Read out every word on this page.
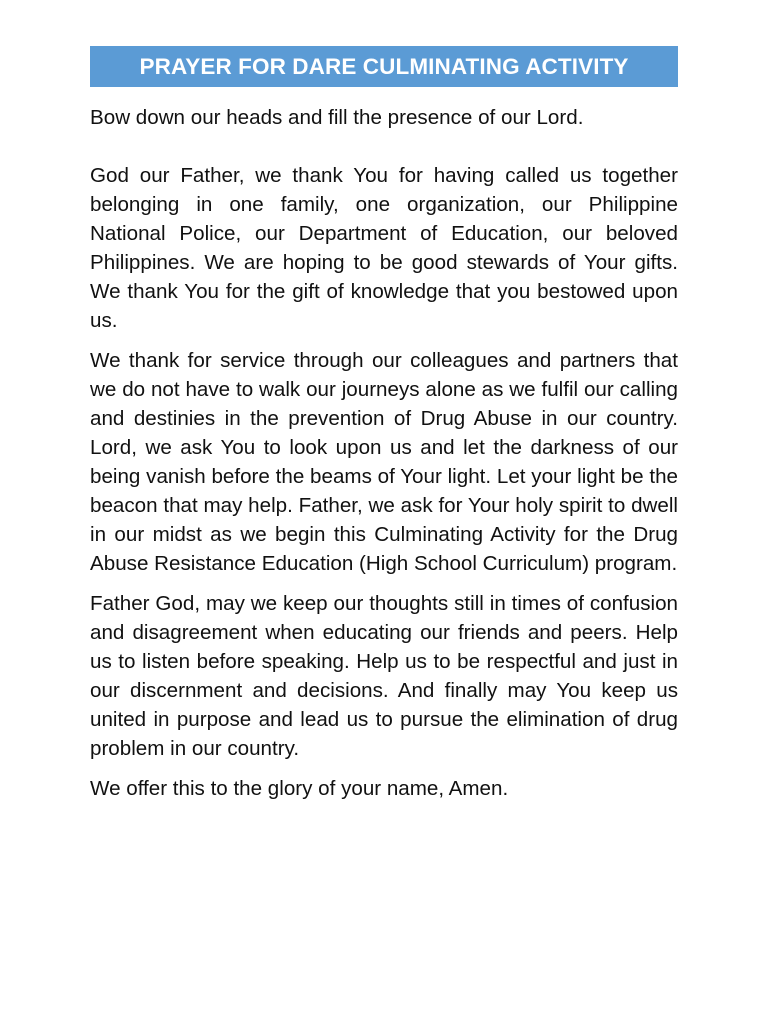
PRAYER FOR DARE CULMINATING ACTIVITY

Bow down our heads and fill the presence of our Lord.

God our Father, we thank You for having called us together belonging in one family, one organization, our Philippine National Police, our Department of Education, our beloved Philippines. We are hoping to be good stewards of Your gifts. We thank You for the gift of knowledge that you bestowed upon us.

We thank for service through our colleagues and partners that we do not have to walk our journeys alone as we fulfil our calling and destinies in the prevention of Drug Abuse in our country. Lord, we ask You to look upon us and let the darkness of our being vanish before the beams of Your light. Let your light be the beacon that may help. Father, we ask for Your holy spirit to dwell in our midst as we begin this Culminating Activity for the Drug Abuse Resistance Education (High School Curriculum) program.

Father God, may we keep our thoughts still in times of confusion and disagreement when educating our friends and peers. Help us to listen before speaking. Help us to be respectful and just in our discernment and decisions. And finally may You keep us united in purpose and lead us to pursue the elimination of drug problem in our country.

We offer this to the glory of your name, Amen.
